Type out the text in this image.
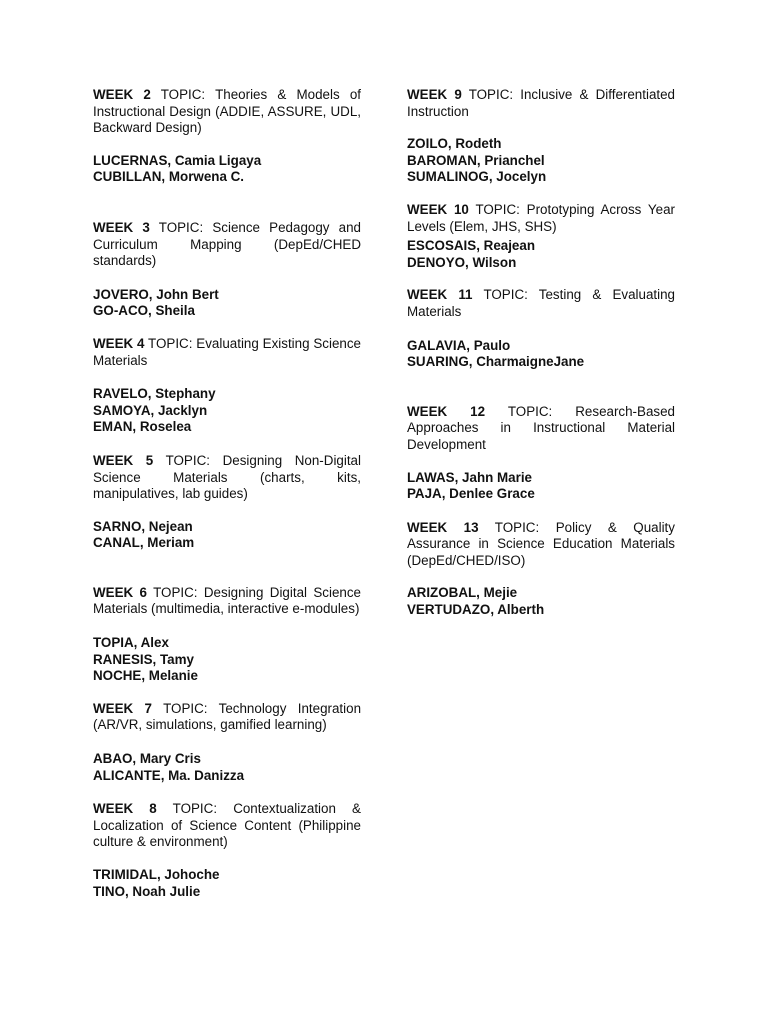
WEEK 2 TOPIC: Theories & Models of Instructional Design (ADDIE, ASSURE, UDL, Backward Design)

LUCERNAS, Camia Ligaya
CUBILLAN, Morwena C.

WEEK 3 TOPIC: Science Pedagogy and Curriculum Mapping (DepEd/CHED standards)

JOVERO, John Bert
GO-ACO, Sheila

WEEK 4 TOPIC: Evaluating Existing Science Materials

RAVELO, Stephany
SAMOYA, Jacklyn
EMAN, Roselea

WEEK 5 TOPIC: Designing Non-Digital Science Materials (charts, kits, manipulatives, lab guides)

SARNO, Nejean
CANAL, Meriam

WEEK 6 TOPIC: Designing Digital Science Materials (multimedia, interactive e-modules)

TOPIA, Alex
RANESIS, Tamy
NOCHE, Melanie

WEEK 7 TOPIC: Technology Integration (AR/VR, simulations, gamified learning)

ABAO, Mary Cris
ALICANTE, Ma. Danizza

WEEK 8 TOPIC: Contextualization & Localization of Science Content (Philippine culture & environment)

TRIMIDAL, Johoche
TINO, Noah Julie

WEEK 9 TOPIC: Inclusive & Differentiated Instruction

ZOILO, Rodeth
BAROMAN, Prianchel
SUMALINOG, Jocelyn

WEEK 10 TOPIC: Prototyping Across Year Levels (Elem, JHS, SHS)

ESCOSAIS, Reajean
DENOYO, Wilson

WEEK 11 TOPIC: Testing & Evaluating Materials

GALAVIA, Paulo
SUARING, CharmaigneJane

WEEK 12 TOPIC: Research-Based Approaches in Instructional Material Development

LAWAS, Jahn Marie
PAJA, Denlee Grace

WEEK 13 TOPIC: Policy & Quality Assurance in Science Education Materials (DepEd/CHED/ISO)

ARIZOBAL, Mejie
VERTUDAZO, Alberth
